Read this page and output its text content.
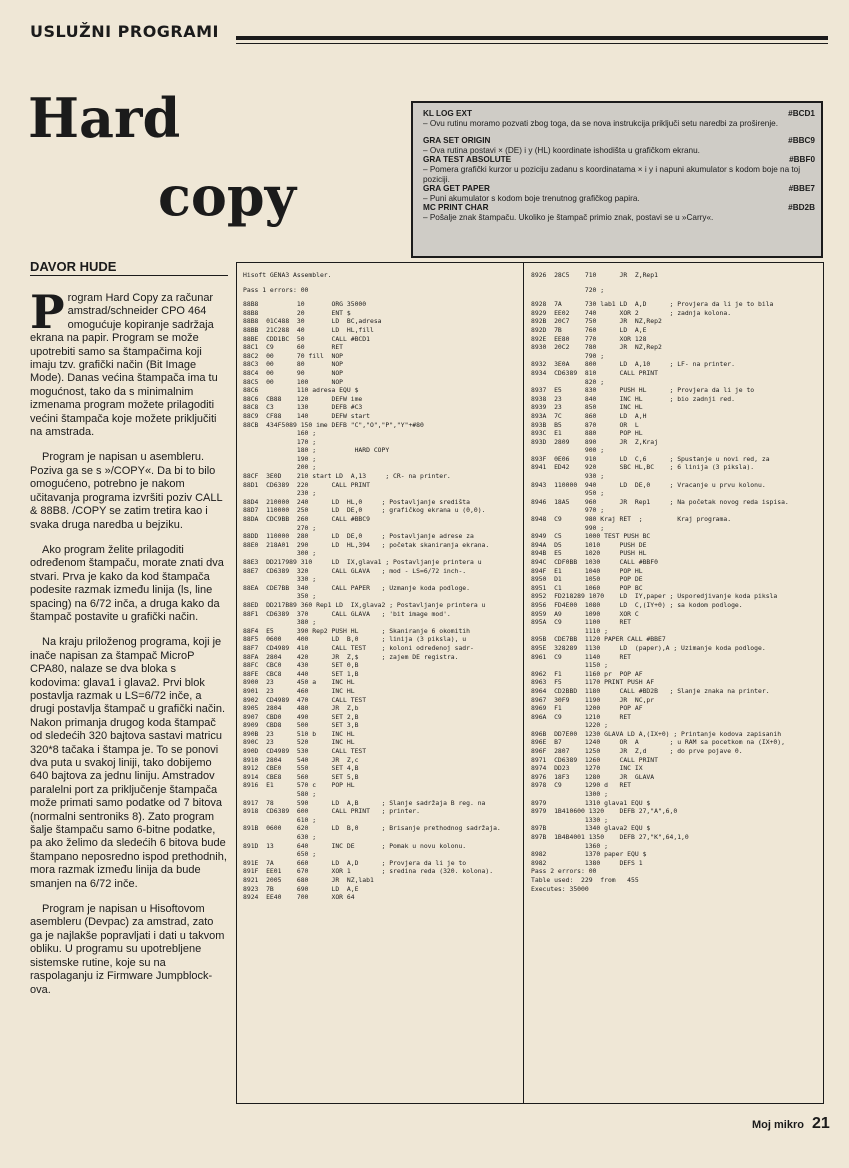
USLUŽNI PROGRAMI
Hard
copy
KL LOG EXT	#BCD1
– Ovu rutinu moramo pozvati zbog toga, da se nova instrukcija priključi setu naredbi za proširenje.
GRA SET ORIGIN	#BBC9
– Ova rutina postavi × (DE) i y (HL) koordinate ishodišta u grafičkom ekranu.
GRA TEST ABSOLUTE	#BBF0
– Pomera grafički kurzor u poziciju zadanu s koordinatama × i y i napuni akumulator s kodom boje na toj poziciji.
GRA GET PAPER	#BBE7
– Puni akumulator s kodom boje trenutnog grafičkog papira.
MC PRINT CHAR	#BD2B
– Pošalje znak štampaču. Ukoliko je štampač primio znak, postavi se u »Carry«.
DAVOR HUDE

Program Hard Copy za računar amstrad/schneider CPO 464 omogućuje kopiranje sadržaja ekrana na papir. Program se može upotrebiti samo sa štampačima koji imaju tzv. grafički način (Bit Image Mode). Danas većina štampača ima tu mogućnost, tako da s minimalnim izmenama program možete prilagoditi većini štampača koje možete priključiti na amstrada.

Program je napisan u asembleru. Poziva ga se s »/COPY«. Da bi to bilo omogućeno, potrebno je nakom učitavanja programa izvršiti poziv CALL & 88B8. /COPY se zatim tretira kao i svaka druga naredba u bejziku.

Ako program želite prilagoditi određenom štampaču, morate znati dva stvari. Prva je kako da kod štampača podesite razmak između linija (ls, line spacing) na 6/72 inča, a druga kako da štampač postavite u grafički način.

Na kraju priloženog programa, koji je inače napisan za štampač MicroP CPA80, nalaze se dva bloka s kodovima: glava1 i glava2. Prvi blok postavlja razmak u LS=6/72 inče, a drugi postavlja štampač u grafički način. Nakon primanja drugog koda štampač od sledećih 320 bajtova sastavi matricu 320*8 tačaka i štampa je. To se ponovi dva puta u svakoj liniji, tako dobijemo 640 bajtova za jednu liniju. Amstradov paralelni port za priključenje štampača može primati samo podatke od 7 bitova (normalni sentroniks 8). Zato program šalje štampaču samo 6-bitne podatke, pa ako želimo da sledećih 6 bitova bude štampano neposredno ispod prethodnih, mora razmak između linija da bude smanjen na 6/72 inče.

Program je napisan u Hisoftovom asembleru (Devpac) za amstrad, zato ga je najlakše popravljati i dati u takvom obliku. U programu su upotrebljene sistemske rutine, koje su na raspolaganju iz Firmware Jumpblock-ova.

Hisoft GENA3 Assembler.
Pass 1 errors: 00
88B8          10       ORG 35000
88B8          20       ENT $
88B8  01C488  30       LD  BC,adresa
88BB  21C288  40       LD  HL,fill
88BE  CDD1BC  50       CALL #BCD1
88C1  C9      60       RET
88C2  00      70 fill  NOP
88C3  00      80       NOP
88C4  00      90       NOP
88C5  00      100      NOP
88C6          110 adresa EQU $
88C6  CB88    120      DEFW ime
88C8  C3      130      DEFB #C3
88C9  CF88    140      DEFW start
88CB  434F5089 150 ime DEFB "C","O","P","Y"+#80
160 ;
170 ;
180 ;          HARD COPY
190 ;
200 ;
88CF  3E0D    210 start LD  A,13     ; CR- na printer.
88D1  CD6389  220      CALL PRINT
230 ;
88D4  210000  240      LD  HL,0     ; Postavljanje središta
88D7  110000  250      LD  DE,0     ; grafičkog ekrana u (0,0).
88DA  CDC9BB  260      CALL #BBC9
270 ;
88DD  110000  280      LD  DE,0     ; Postavljanje adrese za
88E0  218A01  290      LD  HL,394   ; početak skaniranja ekrana.
300 ;
88E3  DD217989 310     LD  IX,glava1 ; Postavljanje printera u
88E7  CD6389  320      CALL GLAVA   ; mod - LS=6/72 inch-.
330 ;
88EA  CDE7BB  340      CALL PAPER   ; Uzmanje koda podloge.
350 ;
88ED  DD217B89 360 Rep1 LD  IX,glava2 ; Postavljanje printera u
88F1  CD6389  370      CALL GLAVA   ; 'bit image mod'.
380 ;
88F4  E5      390 Rep2 PUSH HL      ; Skaniranje 6 okomitih
88F5  0600    400      LD  B,0      ; linija (3 piksla), u
88F7  CD4989  410      CALL TEST    ; koloni određenoj sadr-
88FA  2804    420      JR  Z,$      ; zajem DE registra.
88FC  CBC0    430      SET 0,B
88FE  CBC8    440      SET 1,B
8900  23      450 a    INC HL
8901  23      460      INC HL
8902  CD4989  470      CALL TEST
8905  2804    480      JR  Z,b
8907  CBD0    490      SET 2,B
8909  CBD8    500      SET 3,B
890B  23      510 b    INC HL
890C  23      520      INC HL
890D  CD4989  530      CALL TEST
8910  2804    540      JR  Z,c
8912  CBE0    550      SET 4,B
8914  CBE8    560      SET 5,B
8916  E1      570 c    POP HL
580 ;
8917  78      590      LD  A,B      ; Slanje sadržaja B reg. na
8918  CD6389  600      CALL PRINT   ; printer.
610 ;
891B  0600    620      LD  B,0      ; Brisanje prethodnog sadržaja.
630 ;
891D  13      640      INC DE       ; Pomak u novu kolonu.
650 ;
891E  7A      660      LD  A,D      ; Provjera da li je to
891F  EE01    670      XOR 1        ; sredina reda (320. kolona).
8921  2005    680      JR  NZ,lab1
8923  7B      690      LD  A,E
8924  EE40    700      XOR 64
8926  28C5    710      JR  Z,Rep1
720 ;
8928  7A      730 lab1 LD  A,D      ; Provjera da li je to bila
8929  EE02    740      XOR 2        ; zadnja kolona.
892B  20C7    750      JR  NZ,Rep2
892D  7B      760      LD  A,E
892E  EE80    770      XOR 128
8930  20C2    780      JR  NZ,Rep2
790 ;
8932  3E0A    800      LD  A,10     ; LF- na printer.
8934  CD6389  810      CALL PRINT
820 ;
8937  E5      830      PUSH HL      ; Provjera da li je to
8938  23      840      INC HL       ; bio zadnji red.
8939  23      850      INC HL
893A  7C      860      LD  A,H
893B  B5      870      OR  L
893C  E1      880      POP HL
893D  2809    890      JR  Z,Kraj
900 ;
893F  0E06    910      LD  C,6      ; Spustanje u novi red, za
8941  ED42    920      SBC HL,BC    ; 6 linija (3 piksla).
930 ;
8943  110000  940      LD  DE,0     ; Vracanje u prvu kolonu.
950 ;
8946  18A5    960      JR  Rep1     ; Na početak novog reda ispisa.
970 ;
8948  C9      980 Kraj RET  ;         Kraj programa.
990 ;
8949  C5      1000 TEST PUSH BC
894A  D5      1010     PUSH DE
894B  E5      1020     PUSH HL
894C  CDF0BB  1030     CALL #BBF0
894F  E1      1040     POP HL
8950  D1      1050     POP DE
8951  C1      1060     POP BC
8952  FD218289 1070    LD  IY,paper ; Usporedjivanje koda piksla
8956  FD4E00  1080     LD  C,(IY+0) ; sa kodom podloge.
8959  A9      1090     XOR C
895A  C9      1100     RET
1110 ;
895B  CDE7BB  1120 PAPER CALL #BBE7
895E  328289  1130     LD  (paper),A ; Uzimanje koda podloge.
8961  C9      1140     RET
1150 ;
8962  F1      1160 pr  POP AF
8963  F5      1170 PRINT PUSH AF
8964  CD2BBD  1180     CALL #BD2B   ; Slanje znaka na printer.
8967  30F9    1190     JR  NC,pr
8969  F1      1200     POP AF
896A  C9      1210     RET
1220 ;
896B  DD7E00  1230 GLAVA LD A,(IX+0) ; Printanje kodova zapisanih
896E  B7      1240     OR  A        ; u RAM sa pocetkom na (IX+0),
896F  2807    1250     JR  Z,d      ; do prve pojave 0.
8971  CD6389  1260     CALL PRINT
8974  DD23    1270     INC IX
8976  18F3    1280     JR  GLAVA
8978  C9      1290 d   RET
1300 ;
8979          1310 glava1 EQU $
8979  1B410600 1320    DEFB 27,"A",6,0
1330 ;
897B          1340 glava2 EQU $
897B  1B4B4001 1350    DEFB 27,"K",64,1,0
1360 ;
8982          1370 paper EQU $
8982          1380     DEFS 1
Pass 2 errors: 00
Table used:  229  from   455
Executes: 35000
Moj mikro 21
